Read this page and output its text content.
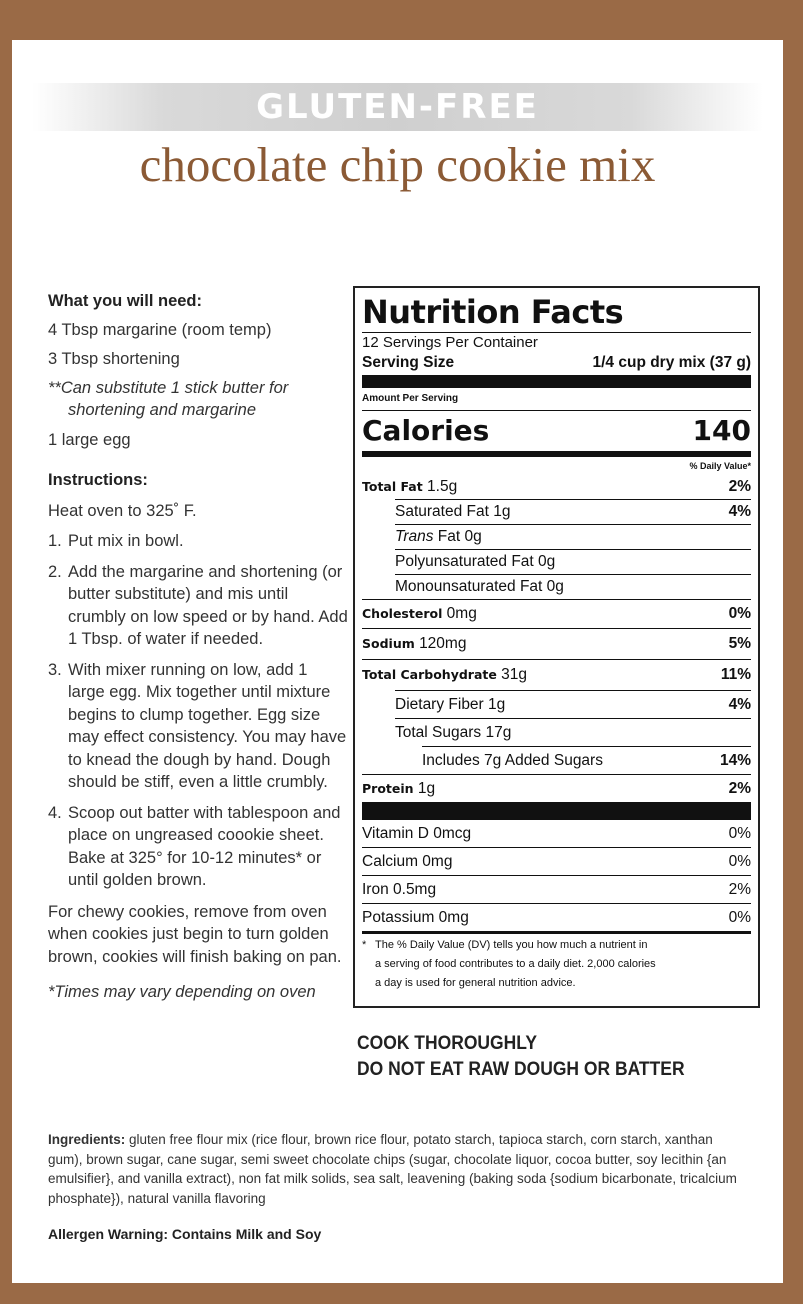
GLUTEN-FREE
chocolate chip cookie mix

What you will need:

4 Tbsp margarine (room temp)

3 Tbsp shortening

**Can substitute 1 stick butter for
shortening and margarine

1 large egg

Instructions:

Heat oven to 325˚ F.

1. Put mix in bowl.
2. Add the margarine and shortening (or butter substitute) and mis until crumbly on low speed or by hand. Add 1 Tbsp. of water if needed.
3. With mixer running on low, add 1 large egg. Mix together until mixture begins to clump together. Egg size may effect consistency. You may have to knead the dough by hand. Dough should be stiff, even a little crumbly.
4. Scoop out batter with tablespoon and place on ungreased coookie sheet. Bake at 325° for 10-12 minutes* or until golden brown.

For chewy cookies, remove from oven when cookies just begin to turn golden brown, cookies will finish baking on pan.

*Times may vary depending on oven

Nutrition Facts
12 Servings Per Container
Serving Size	1/4 cup dry mix (37 g)
Amount Per Serving
Calories	140
% Daily Value*
Total Fat 1.5g	2%
Saturated Fat 1g	4%
Trans Fat 0g
Polyunsaturated Fat 0g
Monounsaturated Fat 0g
Cholesterol 0mg	0%
Sodium 120mg	5%
Total Carbohydrate 31g	11%
Dietary Fiber 1g	4%
Total Sugars 17g
Includes 7g Added Sugars	14%
Protein 1g	2%
Vitamin D 0mcg	0%
Calcium 0mg	0%
Iron 0.5mg	2%
Potassium 0mg	0%
* The % Daily Value (DV) tells you how much a nutrient in
a serving of food contributes to a daily diet. 2,000 calories
a day is used for general nutrition advice.
COOK THOROUGHLY
DO NOT EAT RAW DOUGH OR BATTER
Ingredients: gluten free flour mix (rice flour, brown rice flour, potato starch, tapioca starch, corn starch, xanthan gum), brown sugar, cane sugar, semi sweet chocolate chips (sugar, chocolate liquor, cocoa butter, soy lecithin {an emulsifier}, and vanilla extract), non fat milk solids, sea salt, leavening (baking soda {sodium bicarbonate, tricalcium phosphate}), natural vanilla flavoring
Allergen Warning: Contains Milk and Soy
